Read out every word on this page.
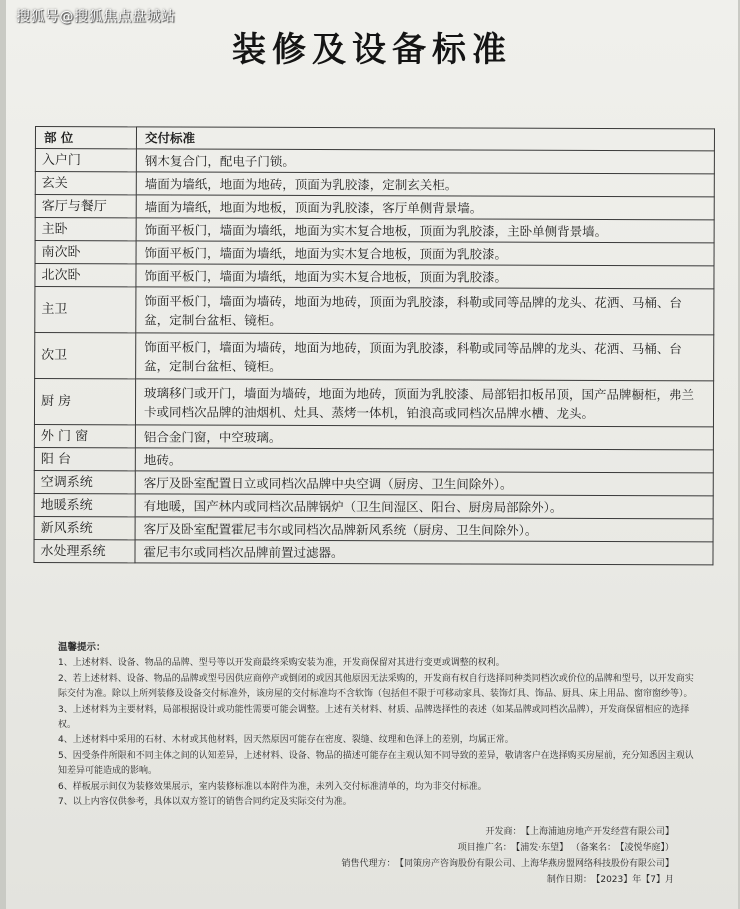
搜狐号@搜狐焦点盘城站
装修及设备标准
部 位	交付标准
入户门	钢木复合门，配电子门锁。
玄关	墙面为墙纸，地面为地砖，顶面为乳胶漆，定制玄关柜。
客厅与餐厅	墙面为墙纸，地面为地板，顶面为乳胶漆，客厅单侧背景墙。
主卧	饰面平板门，墙面为墙纸，地面为实木复合地板，顶面为乳胶漆，主卧单侧背景墙。
南次卧	饰面平板门，墙面为墙纸，地面为实木复合地板，顶面为乳胶漆。
北次卧	饰面平板门，墙面为墙纸，地面为实木复合地板，顶面为乳胶漆。
主卫	饰面平板门，墙面为墙砖，地面为地砖，顶面为乳胶漆，科勒或同等品牌的龙头、花洒、马桶、台盆，定制台盆柜、镜柜。
次卫	饰面平板门，墙面为墙砖，地面为地砖，顶面为乳胶漆，科勒或同等品牌的龙头、花洒、马桶、台盆，定制台盆柜、镜柜。
厨 房	玻璃移门或开门，墙面为墙砖，地面为地砖，顶面为乳胶漆、局部铝扣板吊顶，国产品牌橱柜，弗兰卡或同档次品牌的油烟机、灶具、蒸烤一体机，铂浪高或同档次品牌水槽、龙头。
外 门 窗	铝合金门窗，中空玻璃。
阳 台	地砖。
空调系统	客厅及卧室配置日立或同档次品牌中央空调（厨房、卫生间除外）。
地暖系统	有地暖，国产林内或同档次品牌锅炉（卫生间湿区、阳台、厨房局部除外）。
新风系统	客厅及卧室配置霍尼韦尔或同档次品牌新风系统（厨房、卫生间除外）。
水处理系统	霍尼韦尔或同档次品牌前置过滤器。
温馨提示：

1、上述材料、设备、物品的品牌、型号等以开发商最终采购安装为准，开发商保留对其进行变更或调整的权利。

2、若上述材料、设备、物品的品牌或型号因供应商停产或倒闭的或因其他原因无法采购的，开发商有权自行选择同种类同档次或价位的品牌和型号，以开发商实际交付为准。除以上所列装修及设备交付标准外，该房屋的交付标准均不含软饰（包括但不限于可移动家具、装饰灯具、饰品、厨具、床上用品、窗帘窗纱等）。

3、上述材料为主要材料，局部根据设计或功能性需要可能会调整。上述有关材料、材质、品牌选择性的表述（如某品牌或同档次品牌），开发商保留相应的选择权。

4、上述材料中采用的石材、木材或其他材料，因天然原因可能存在密度、裂缝、纹理和色泽上的差别，均属正常。

5、因受条件所限和不同主体之间的认知差异，上述材料、设备、物品的描述可能存在主观认知不同导致的差异，敬请客户在选择购买房屋前，充分知悉因主观认知差异可能造成的影响。

6、样板展示间仅为装修效果展示，室内装修标准以本附件为准，未列入交付标准清单的，均为非交付标准。

7、以上内容仅供参考，具体以双方签订的销售合同约定及实际交付为准。

开发商： 【上海浦迪房地产开发经营有限公司】
项目推广名： 【浦发·东望】 （备案名： 【凌悦华庭】）
销售代理方： 【同策房产咨询股份有限公司、上海华燕房盟网络科技股份有限公司】
制作日期： 【2023】年【7】月
